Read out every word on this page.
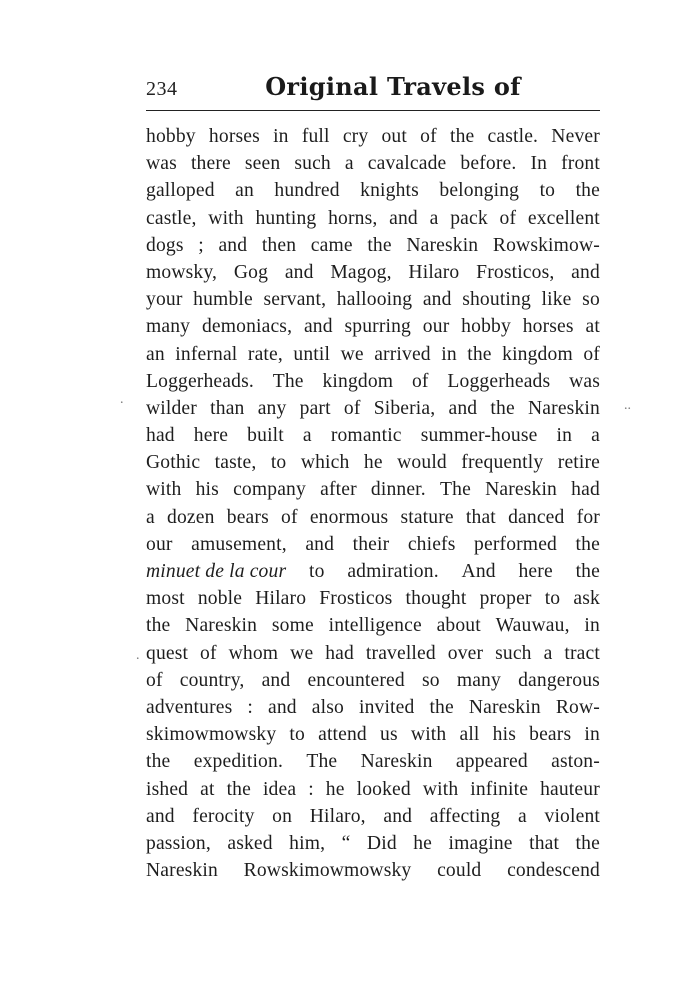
234	Original Travels of
hobby horses in full cry out of the castle. Never
was there seen such a cavalcade before. In front
galloped an hundred knights belonging to the
castle, with hunting horns, and a pack of excellent
dogs ; and then came the Nareskin Rowskimow-
mowsky, Gog and Magog, Hilaro Frosticos, and
your humble servant, hallooing and shouting like so
many demoniacs, and spurring our hobby horses at
an infernal rate, until we arrived in the kingdom of
Loggerheads. The kingdom of Loggerheads was
wilder than any part of Siberia, and the Nareskin
had here built a romantic summer-house in a
Gothic taste, to which he would frequently retire
with his company after dinner. The Nareskin had
a dozen bears of enormous stature that danced for
our amusement, and their chiefs performed the
minuet de la cour to admiration. And here the
most noble Hilaro Frosticos thought proper to ask
the Nareskin some intelligence about Wauwau, in
quest of whom we had travelled over such a tract
of country, and encountered so many dangerous
adventures : and also invited the Nareskin Row-
skimowmowsky to attend us with all his bears in
the expedition. The Nareskin appeared aston-
ished at the idea : he looked with infinite hauteur
and ferocity on Hilaro, and affecting a violent
passion, asked him, “ Did he imagine that the
Nareskin Rowskimowmowsky could condescend
.	..
.
